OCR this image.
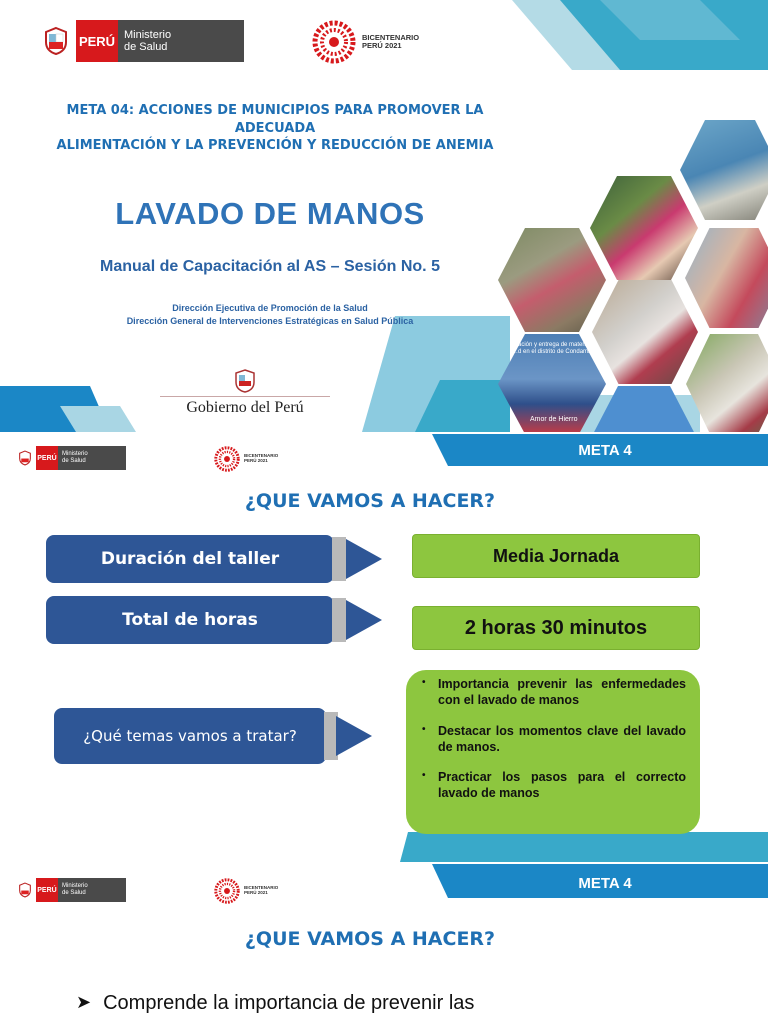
PERÚ Ministerio
de Salud
BICENTENARIO
PERÚ 2021
META 04: ACCIONES DE MUNICIPIOS PARA PROMOVER LA ADECUADA
ALIMENTACIÓN Y LA PREVENCIÓN Y REDUCCIÓN DE ANEMIA
LAVADO DE MANOS
Manual de Capacitación al AS – Sesión No. 5
Dirección Ejecutiva de Promoción de la Salud
Dirección General de Intervenciones Estratégicas en Salud Pública
Gobierno del Perú
…ación y entrega de materia…
…d en el distrito de Condamba…
Amor de Hierro
PERÚ
Ministerio
de Salud
BICENTENARIO
PERÚ 2021
META 4
¿QUE VAMOS A HACER?
Duración del taller	Media Jornada
Total de horas	2 horas 30 minutos
¿Qué temas vamos a tratar?
• Importancia prevenir las enfermedades con el lavado de manos
• Destacar los momentos clave del lavado de manos.
• Practicar los pasos para el correcto lavado de manos
PERÚ
Ministerio
de Salud
BICENTENARIO
PERÚ 2021
META 4
¿QUE VAMOS A HACER?
➤ Comprende la importancia de prevenir las
